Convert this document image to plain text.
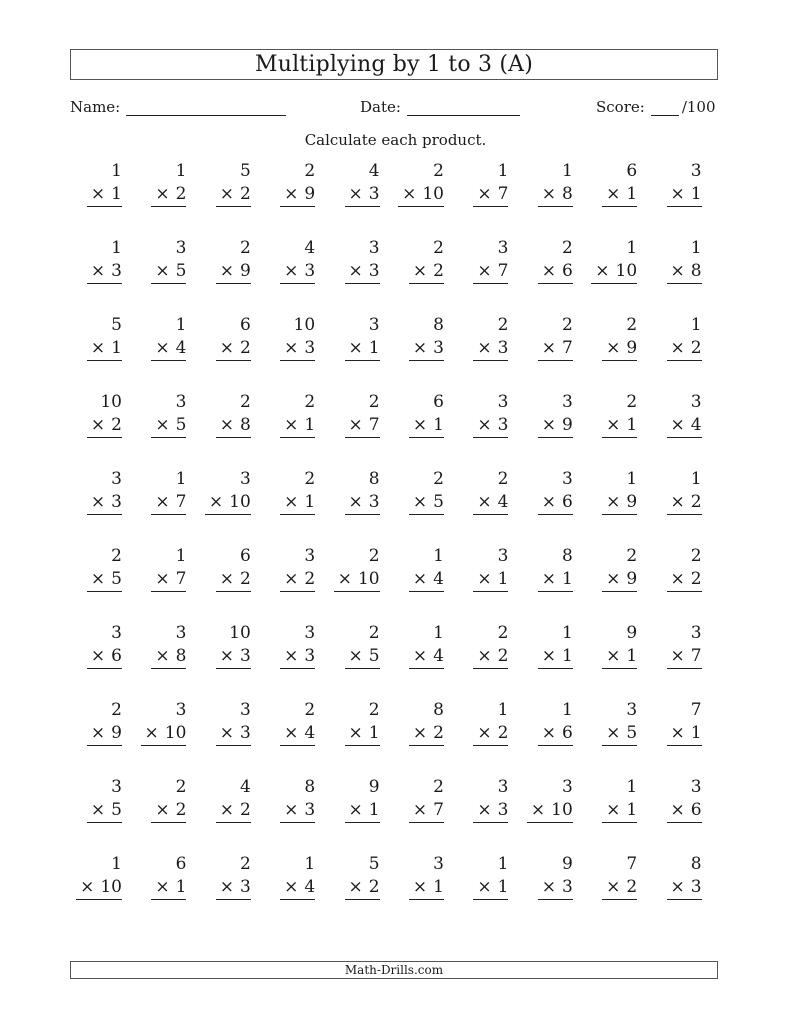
Multiplying by 1 to 3 (A)
Name:	Date:	Score: /100
Calculate each product.
1
× 1
1
× 2
5
× 2
2
× 9
4
× 3
2
× 10
1
× 7
1
× 8
6
× 1
3
× 1
1
× 3
3
× 5
2
× 9
4
× 3
3
× 3
2
× 2
3
× 7
2
× 6
1
× 10
1
× 8
5
× 1
1
× 4
6
× 2
10
× 3
3
× 1
8
× 3
2
× 3
2
× 7
2
× 9
1
× 2
10
× 2
3
× 5
2
× 8
2
× 1
2
× 7
6
× 1
3
× 3
3
× 9
2
× 1
3
× 4
3
× 3
1
× 7
3
× 10
2
× 1
8
× 3
2
× 5
2
× 4
3
× 6
1
× 9
1
× 2
2
× 5
1
× 7
6
× 2
3
× 2
2
× 10
1
× 4
3
× 1
8
× 1
2
× 9
2
× 2
3
× 6
3
× 8
10
× 3
3
× 3
2
× 5
1
× 4
2
× 2
1
× 1
9
× 1
3
× 7
2
× 9
3
× 10
3
× 3
2
× 4
2
× 1
8
× 2
1
× 2
1
× 6
3
× 5
7
× 1
3
× 5
2
× 2
4
× 2
8
× 3
9
× 1
2
× 7
3
× 3
3
× 10
1
× 1
3
× 6
1
× 10
6
× 1
2
× 3
1
× 4
5
× 2
3
× 1
1
× 1
9
× 3
7
× 2
8
× 3
Math-Drills.com
